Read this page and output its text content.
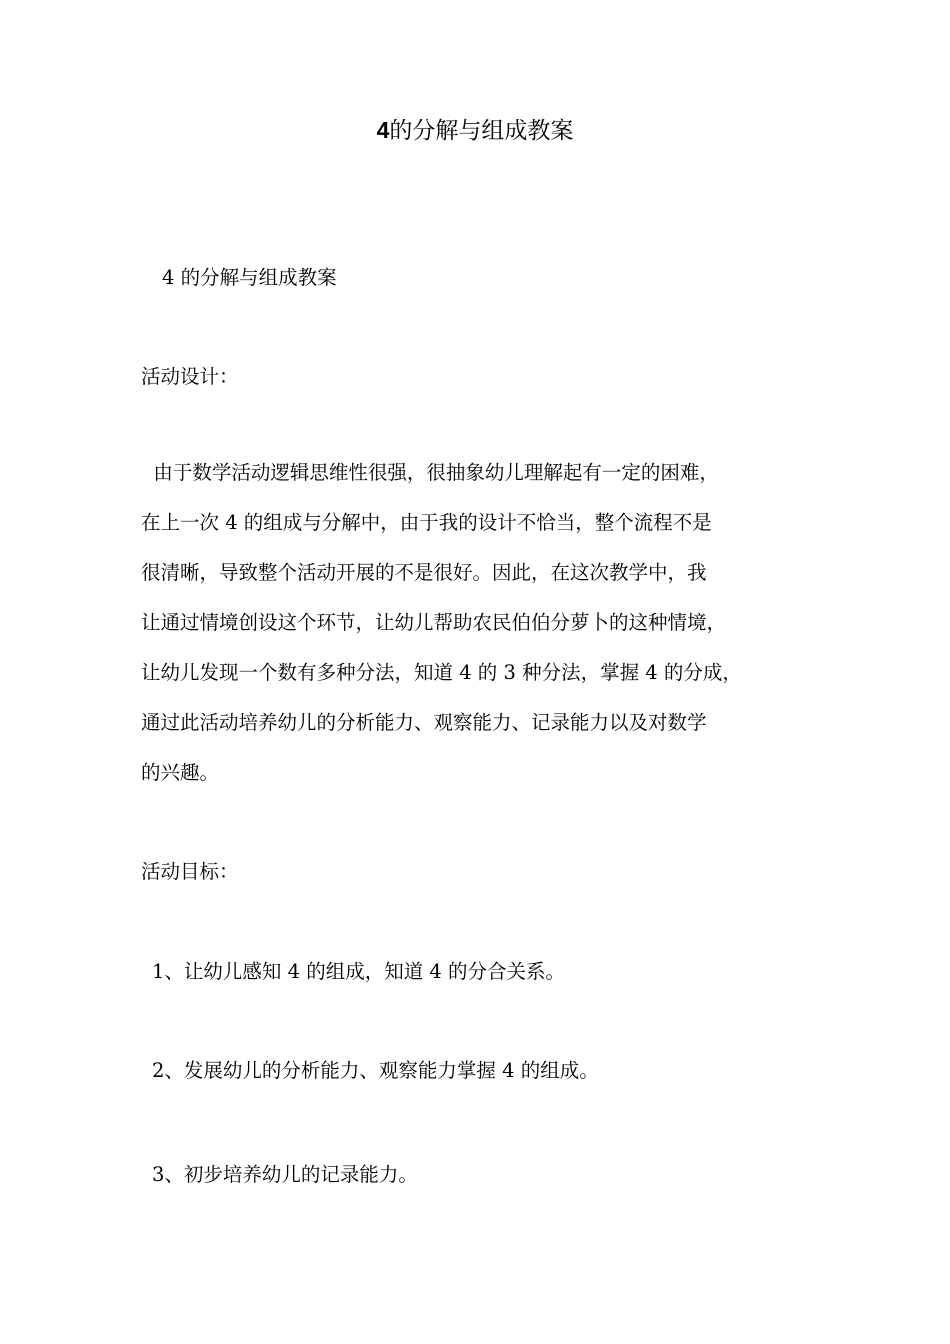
4的分解与组成教案

4 的分解与组成教案

活动设计：

由于数学活动逻辑思维性很强，很抽象幼儿理解起有一定的困难，
在上一次 4 的组成与分解中，由于我的设计不恰当，整个流程不是
很清晰，导致整个活动开展的不是很好。因此，在这次教学中，我
让通过情境创设这个环节，让幼儿帮助农民伯伯分萝卜的这种情境，
让幼儿发现一个数有多种分法，知道 4 的 3 种分法，掌握 4 的分成，
通过此活动培养幼儿的分析能力、观察能力、记录能力以及对数学
的兴趣。

活动目标：

1、让幼儿感知 4 的组成，知道 4 的分合关系。

2、发展幼儿的分析能力、观察能力掌握 4 的组成。

3、初步培养幼儿的记录能力。
